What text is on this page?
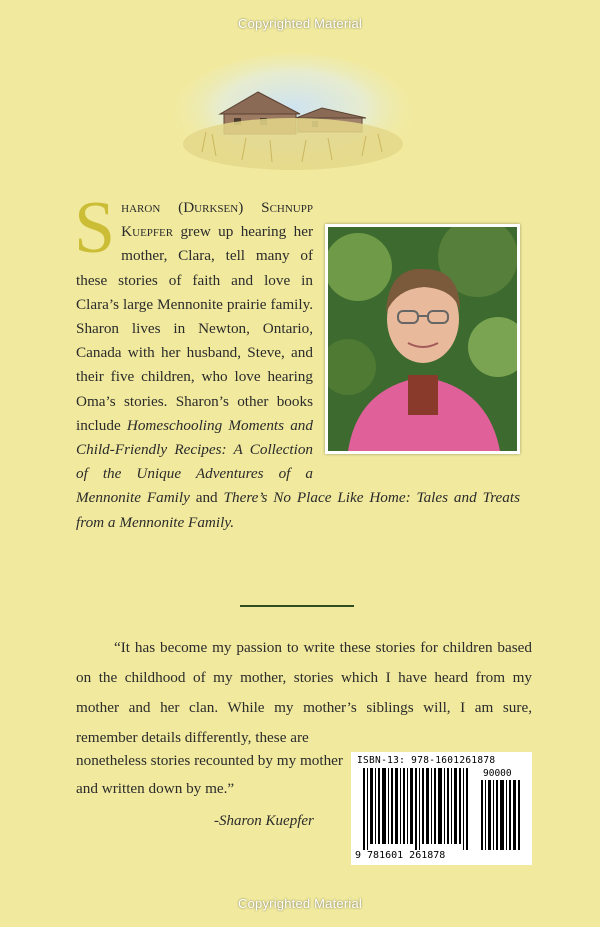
Copyrighted Material
S haron (Durksen) Schnupp Kuepfer grew up hearing her mother, Clara, tell many of these stories of faith and love in Clara’s large Mennonite prairie family. Sharon lives in Newton, Ontario, Canada with her husband, Steve, and their five children, who love hearing Oma’s stories. Sharon’s other books include Homeschooling Moments and Child-Friendly Recipes: A Collection of the Unique Adventures of a Mennonite Family and There’s No Place Like Home: Tales and Treats from a Mennonite Family.

“It has become my passion to write these stories for children based on the childhood of my mother, stories which I have heard from my mother and her clan. While my mother’s siblings will, I am sure, remember details differently, these are
nonetheless stories recounted by my mother and written down by me.”
-Sharon Kuepfer
ISBN-13: 978-1601261878
90000
9 781601 261878
Copyrighted Material
